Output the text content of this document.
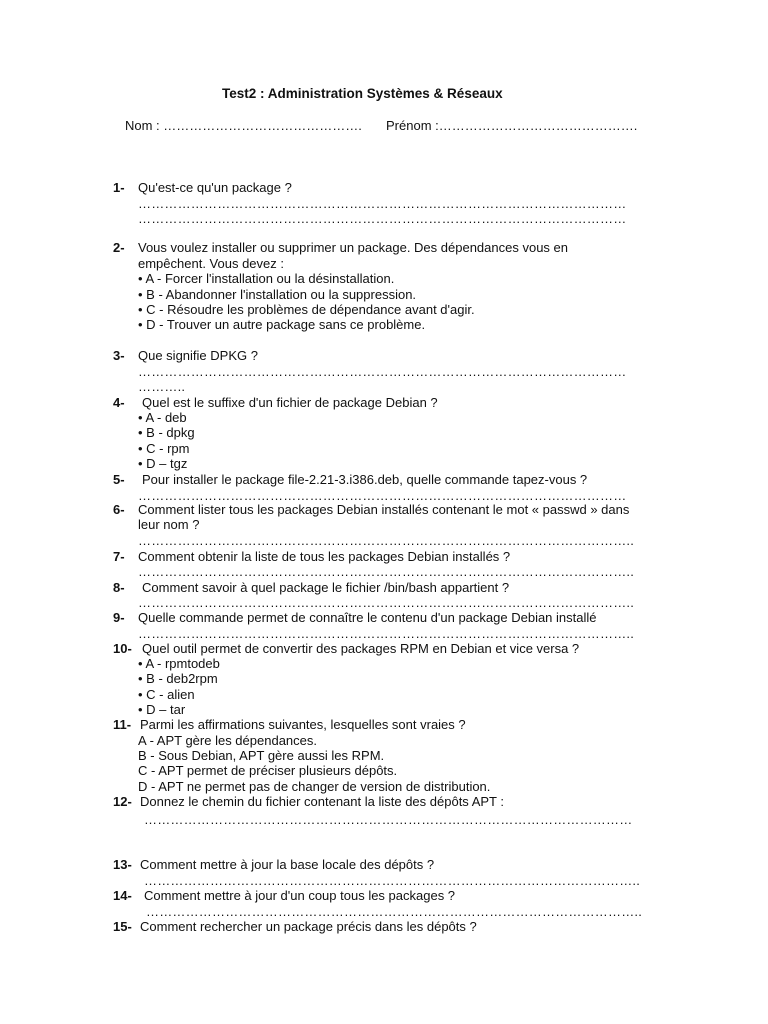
Test2 : Administration Systèmes & Réseaux
Nom : ………………………………………. Prénom :……………………………………….
1- Qu'est-ce qu'un package ?
…………………………………………………………………………………………………
…………………………………………………………………………………………………
2- Vous voulez installer ou supprimer un package. Des dépendances vous en
empêchent. Vous devez :
• A - Forcer l'installation ou la désinstallation.
• B - Abandonner l'installation ou la suppression.
• C - Résoudre les problèmes de dépendance avant d'agir.
• D - Trouver un autre package sans ce problème.
3- Que signifie DPKG ?
…………………………………………………………………………………………………
………..
4- Quel est le suffixe d'un fichier de package Debian ?
• A - deb
• B - dpkg
• C - rpm
• D – tgz
5- Pour installer le package file-2.21-3.i386.deb, quelle commande tapez-vous ?
…………………………………………………………………………………………………
6- Comment lister tous les packages Debian installés contenant le mot « passwd » dans
leur nom ?
…………………………………………………………………………………………………..
7- Comment obtenir la liste de tous les packages Debian installés ?
…………………………………………………………………………………………………..
8- Comment savoir à quel package le fichier /bin/bash appartient ?
…………………………………………………………………………………………………..
9- Quelle commande permet de connaître le contenu d'un package Debian installé
…………………………………………………………………………………………………..
10- Quel outil permet de convertir des packages RPM en Debian et vice versa ?
• A - rpmtodeb
• B - deb2rpm
• C - alien
• D – tar
11- Parmi les affirmations suivantes, lesquelles sont vraies ?
A - APT gère les dépendances.
B - Sous Debian, APT gère aussi les RPM.
C - APT permet de préciser plusieurs dépôts.
D - APT ne permet pas de changer de version de distribution.
12- Donnez le chemin du fichier contenant la liste des dépôts APT :
…………………………………………………………………………………………………
13- Comment mettre à jour la base locale des dépôts ?
…………………………………………………………………………………………………..
14- Comment mettre à jour d'un coup tous les packages ?
…………………………………………………………………………………………………..
15- Comment rechercher un package précis dans les dépôts ?
